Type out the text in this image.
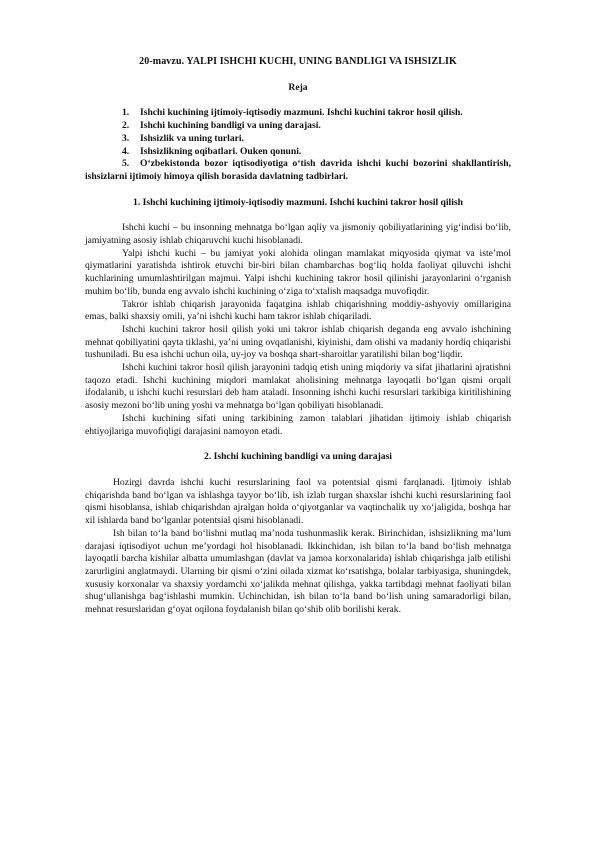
20-mavzu. YALPI ISHCHI KUCHI, UNING BANDLIGI VA ISHSIZLIK
Reja
1.	Ishchi kuchining ijtimoiy-iqtisodiy mazmuni. Ishchi kuchini takror hosil qilish.
2.	Ishchi kuchining bandligi va uning darajasi.
3.	Ishsizlik va uning turlari.
4.	Ishsizlikning oqibatlari. Ouken qonuni.
5.	O‘zbekistonda bozor iqtisodiyotiga o‘tish davrida ishchi kuchi bozorini shakllantirish, ishsizlarni ijtimoiy himoya qilish borasida davlatning tadbirlari.
1. Ishchi kuchining ijtimoiy-iqtisodiy mazmuni. Ishchi kuchini takror hosil qilish

Ishchi kuchi – bu insonning mehnatga bo‘lgan aqliy va jismoniy qobiliyatlarining yig‘indisi bo‘lib, jamiyatning asosiy ishlab chiqaruvchi kuchi hisoblanadi.

Yalpi ishchi kuchi – bu jamiyat yoki alohida olingan mamlakat miqyosida qiymat va iste’mol qiymatlarini yaratishda ishtirok etuvchi bir-biri bilan chambarchas bog‘liq holda faoliyat qiluvchi ishchi kuchlarining umumlashtirilgan majmui. Yalpi ishchi kuchining takror hosil qilinishi jarayonlarini o‘rganish muhim bo‘lib, bunda eng avvalo ishchi kuchining o‘ziga to‘xtalish maqsadga muvofiqdir.

Takror ishlab chiqarish jarayonida faqatgina ishlab chiqarishning moddiy-ashyoviy omillarigina emas, balki shaxsiy omili, ya’ni ishchi kuchi ham takror ishlab chiqariladi.

Ishchi kuchini takror hosil qilish yoki uni takror ishlab chiqarish deganda eng avvalo ishchining mehnat qobiliyatini qayta tiklashi, ya’ni uning ovqatlanishi, kiyinishi, dam olishi va madaniy hordiq chiqarishi tushuniladi. Bu esa ishchi uchun oila, uy-joy va boshqa shart-sharoitlar yaratilishi bilan bog‘liqdir.

Ishchi kuchini takror hosil qilish jarayonini tadqiq etish uning miqdoriy va sifat jihatlarini ajratishni taqozo etadi. Ishchi kuchining miqdori mamlakat aholisining mehnatga layoqatli bo‘lgan qismi orqali ifodalanib, u ishchi kuchi resurslari deb ham ataladi. Insonning ishchi kuchi resurslari tarkibiga kiritilishining asosiy mezoni bo‘lib uning yoshi va mehnatga bo‘lgan qobiliyati hisoblanadi.

Ishchi kuchining sifati uning tarkibining zamon talablari jihatidan ijtimoiy ishlab chiqarish ehtiyojlariga muvofiqligi darajasini namoyon etadi.

2. Ishchi kuchining bandligi va uning darajasi

Hozirgi davrda ishchi kuchi resurslarining faol va potentsial qismi farqlanadi. Ijtimoiy ishlab chiqarishda band bo‘lgan va ishlashga tayyor bo‘lib, ish izlab turgan shaxslar ishchi kuchi resurslarining faol qismi hisoblansa, ishlab chiqarishdan ajralgan holda o‘qiyotganlar va vaqtinchalik uy xo‘jaligida, boshqa har xil ishlarda band bo‘lganlar potentsial qismi hisoblanadi.

Ish bilan to‘la band bo‘lishni mutlaq ma’noda tushunmaslik kerak. Birinchidan, ishsizlikning ma’lum darajasi iqtisodiyot uchun me’yordagi hol hisoblanadi. Ikkinchidan, ish bilan to‘la band bo‘lish mehnatga layoqatli barcha kishilar albatta umumlashgan (davlat va jamoa korxonalarida) ishlab chiqarishga jalb etilishi zarurligini anglatmaydi. Ularning bir qismi o‘zini oilada xizmat ko‘rsatishga, bolalar tarbiyasiga, shuningdek, xususiy korxonalar va shaxsiy yordamchi xo‘jalikda mehnat qilishga, yakka tartibdagi mehnat faoliyati bilan shug‘ullanishga bag‘ishlashi mumkin. Uchinchidan, ish bilan to‘la band bo‘lish uning samaradorligi bilan, mehnat resurslaridan g‘oyat oqilona foydalanish bilan qo‘shib olib borilishi kerak.
